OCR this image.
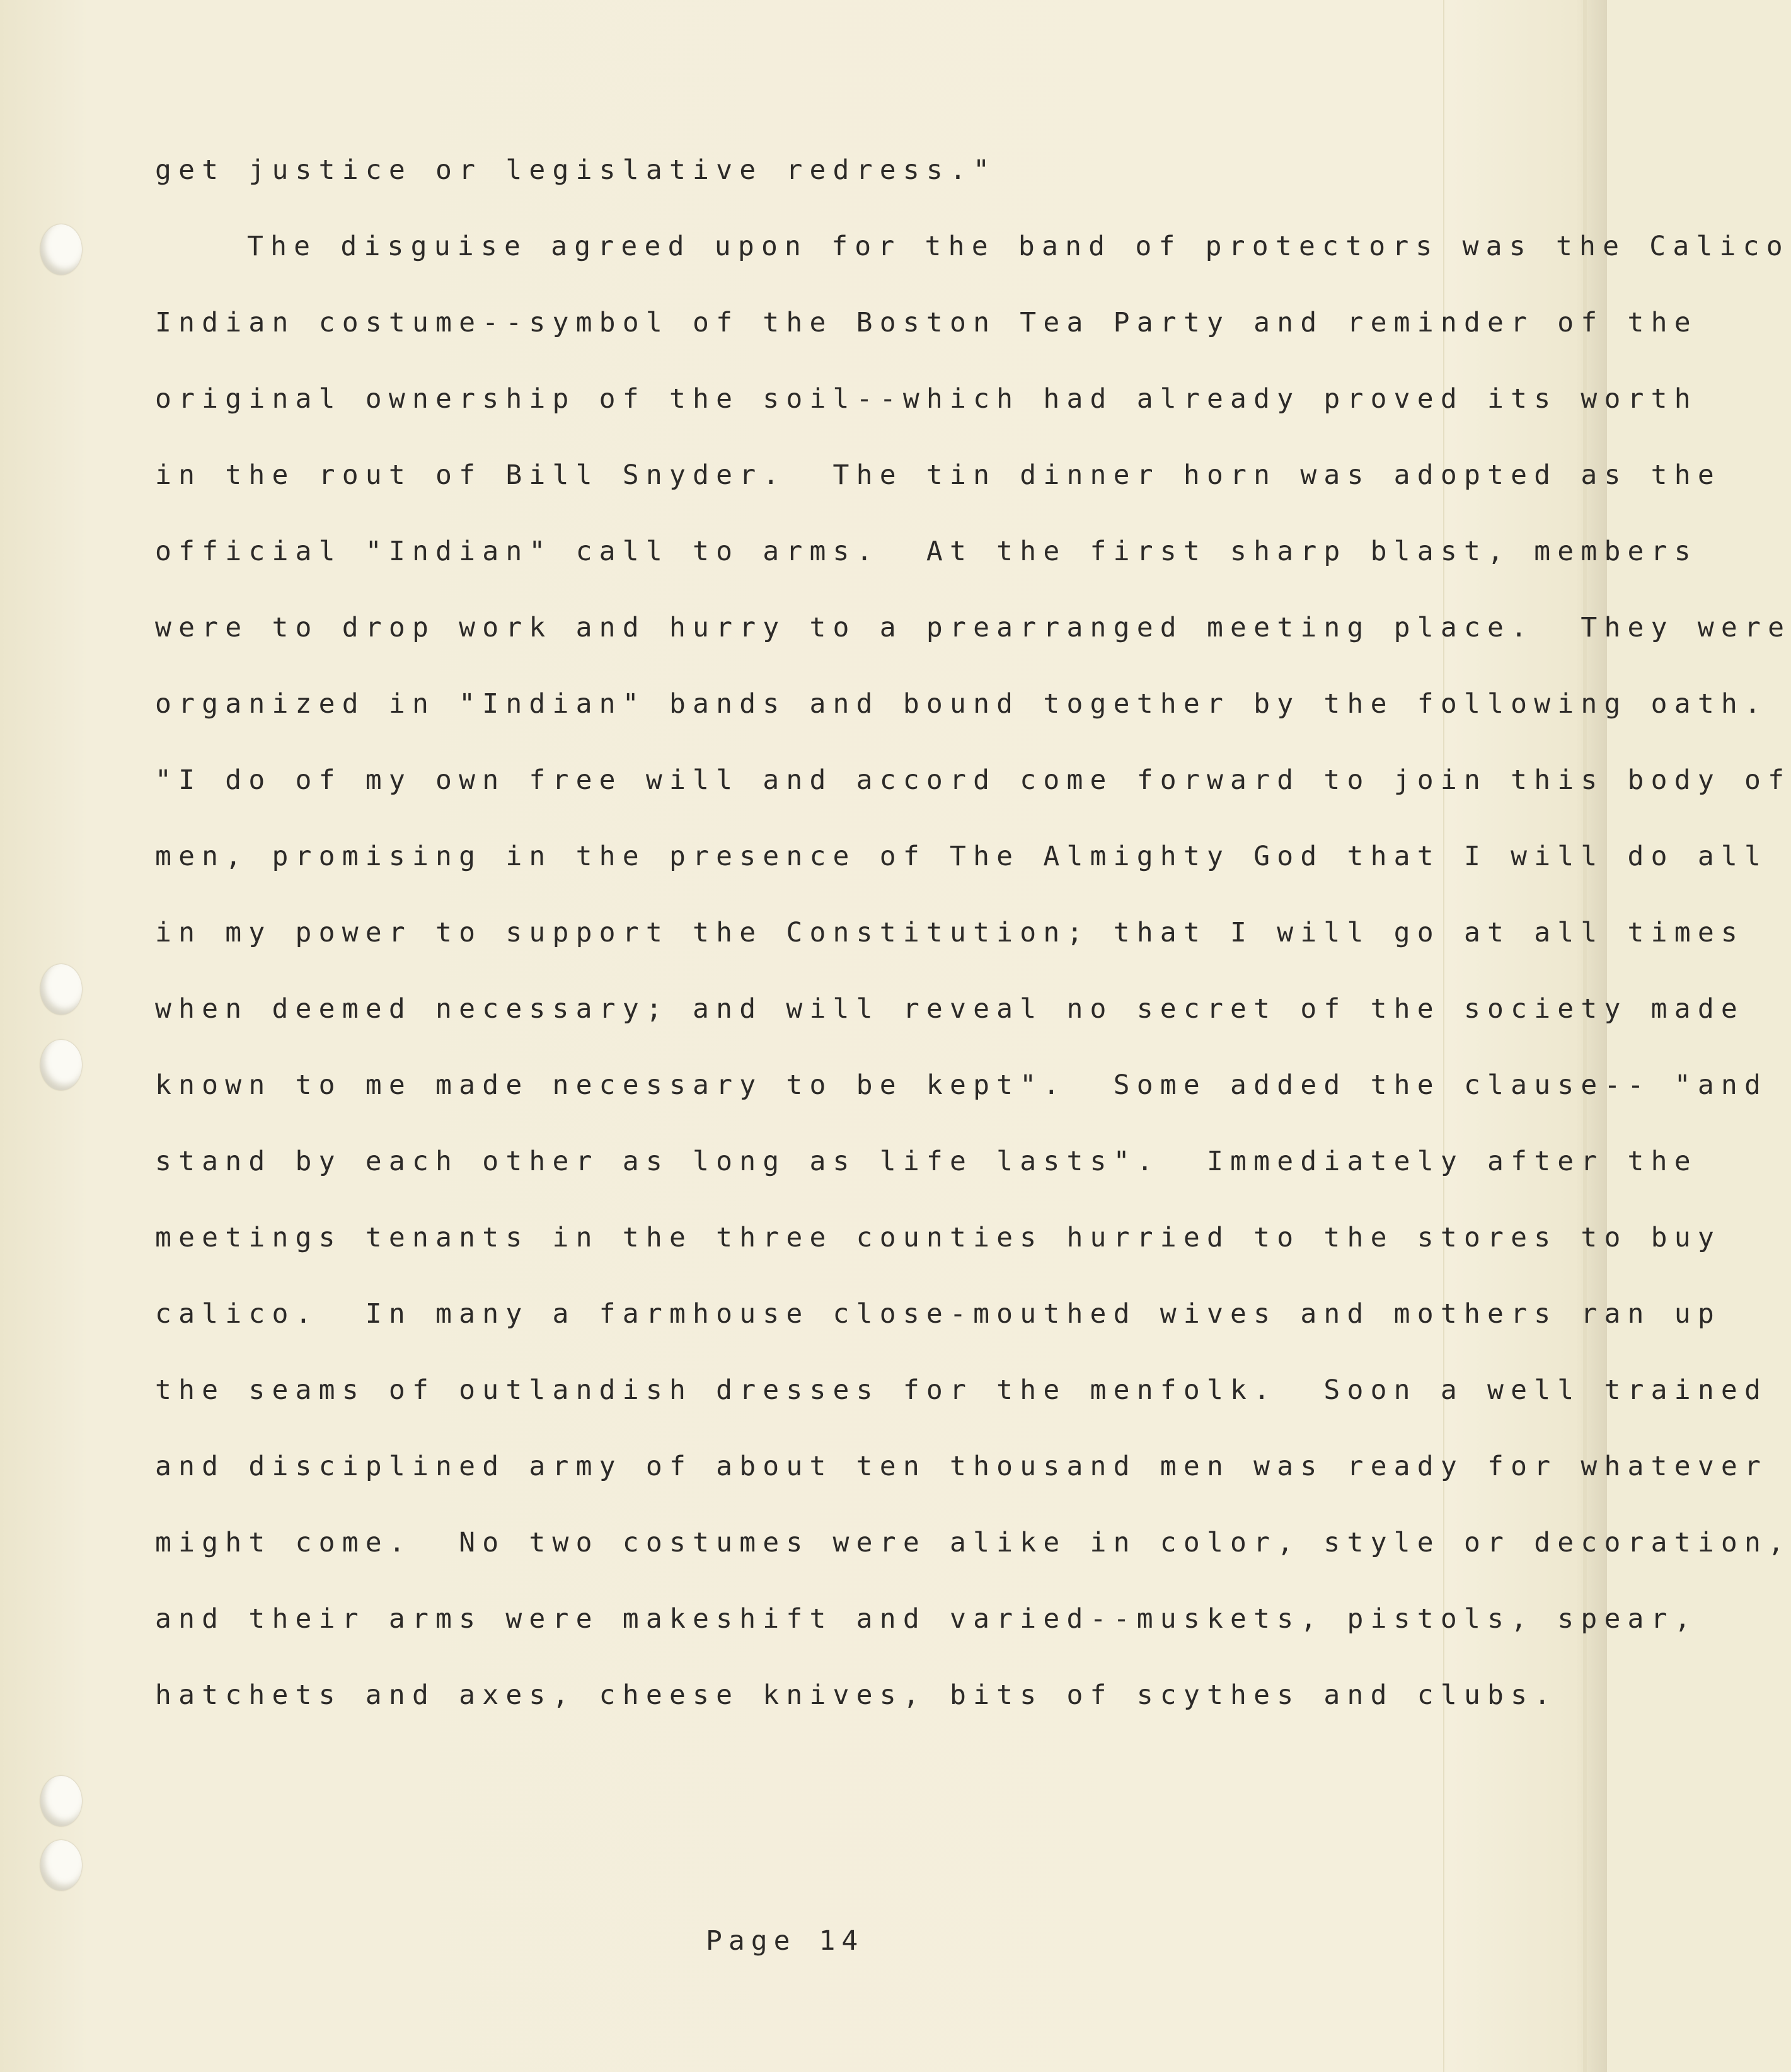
get justice or legislative redress."
The disguise agreed upon for the band of protectors was the Calico
Indian costume--symbol of the Boston Tea Party and reminder of the
original ownership of the soil--which had already proved its worth
in the rout of Bill Snyder.  The tin dinner horn was adopted as the
official "Indian" call to arms.  At the first sharp blast, members
were to drop work and hurry to a prearranged meeting place.  They were
organized in "Indian" bands and bound together by the following oath.
"I do of my own free will and accord come forward to join this body of
men, promising in the presence of The Almighty God that I will do all
in my power to support the Constitution; that I will go at all times
when deemed necessary; and will reveal no secret of the society made
known to me made necessary to be kept".  Some added the clause-- "and
stand by each other as long as life lasts".  Immediately after the
meetings tenants in the three counties hurried to the stores to buy
calico.  In many a farmhouse close-mouthed wives and mothers ran up
the seams of outlandish dresses for the menfolk.  Soon a well trained
and disciplined army of about ten thousand men was ready for whatever
might come.  No two costumes were alike in color, style or decoration,
and their arms were makeshift and varied--muskets, pistols, spear,
hatchets and axes, cheese knives, bits of scythes and clubs.
Page 14
